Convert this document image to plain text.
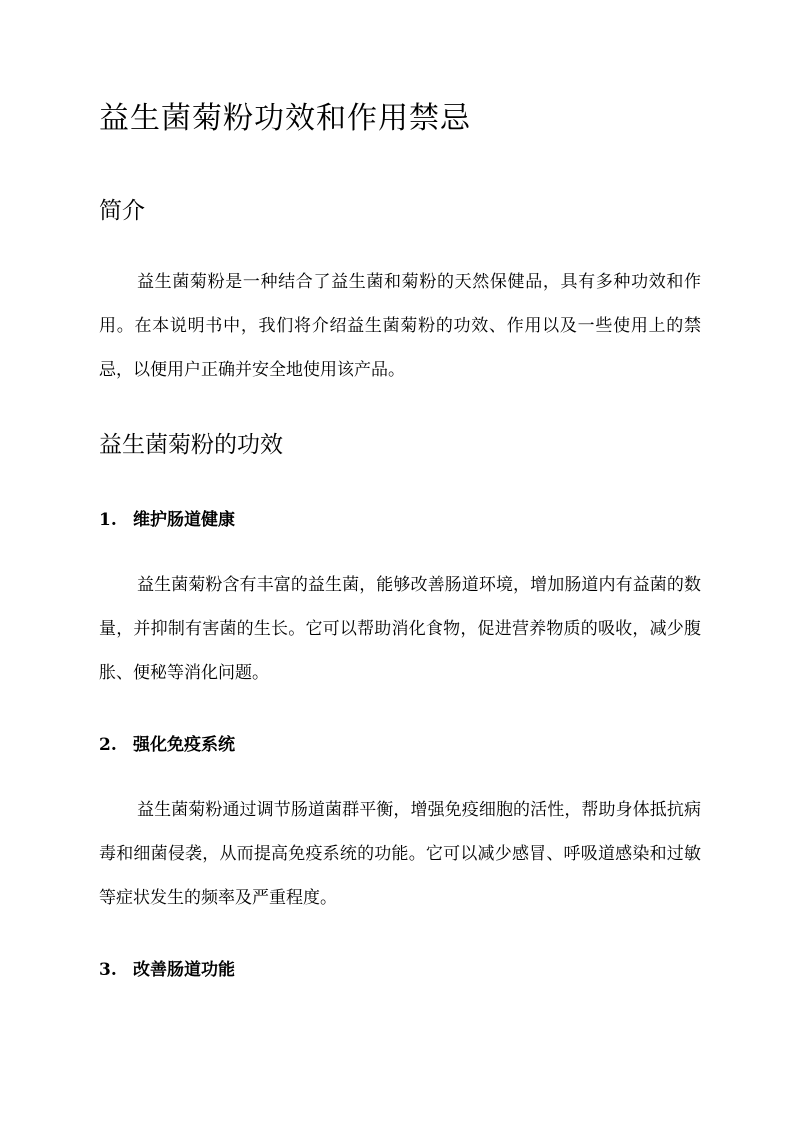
益生菌菊粉功效和作用禁忌
简介

益生菌菊粉是一种结合了益生菌和菊粉的天然保健品，具有多种功效和作用。在本说明书中，我们将介绍益生菌菊粉的功效、作用以及一些使用上的禁忌，以便用户正确并安全地使用该产品。

益生菌菊粉的功效
1. 维护肠道健康

益生菌菊粉含有丰富的益生菌，能够改善肠道环境，增加肠道内有益菌的数量，并抑制有害菌的生长。它可以帮助消化食物，促进营养物质的吸收，减少腹胀、便秘等消化问题。

2. 强化免疫系统

益生菌菊粉通过调节肠道菌群平衡，增强免疫细胞的活性，帮助身体抵抗病毒和细菌侵袭，从而提高免疫系统的功能。它可以减少感冒、呼吸道感染和过敏等症状发生的频率及严重程度。

3. 改善肠道功能
